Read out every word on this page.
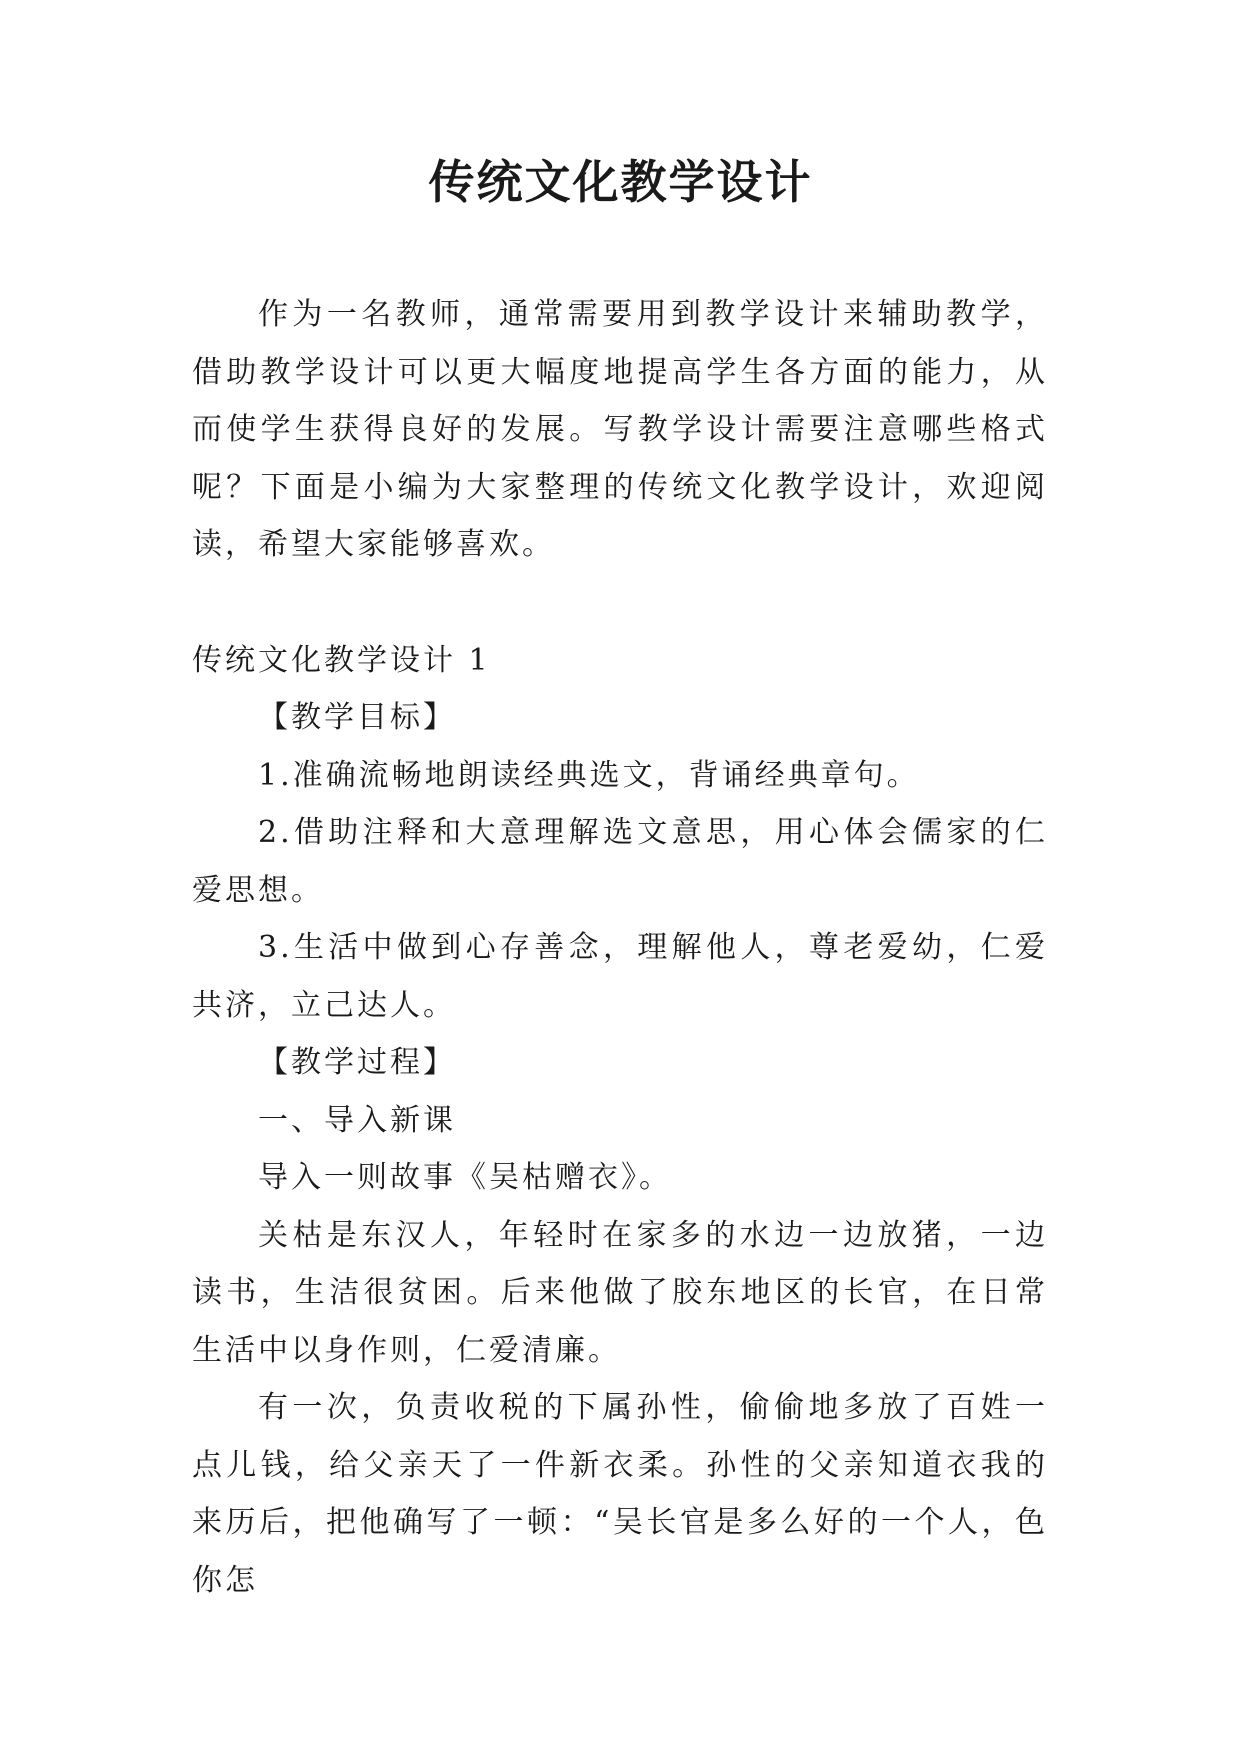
传统文化教学设计

作为一名教师，通常需要用到教学设计来辅助教学，借助教学设计可以更大幅度地提高学生各方面的能力，从而使学生获得良好的发展。写教学设计需要注意哪些格式呢？下面是小编为大家整理的传统文化教学设计，欢迎阅读，希望大家能够喜欢。

传统文化教学设计 1

【教学目标】

1.准确流畅地朗读经典选文，背诵经典章句。

2.借助注释和大意理解选文意思，用心体会儒家的仁爱思想。

3.生活中做到心存善念，理解他人，尊老爱幼，仁爱共济，立己达人。

【教学过程】

一、导入新课

导入一则故事《吴枯赠衣》。

关枯是东汉人，年轻时在家多的水边一边放猪，一边读书，生洁很贫困。后来他做了胶东地区的长官，在日常生活中以身作则，仁爱清廉。

有一次，负责收税的下属孙性，偷偷地多放了百姓一点儿钱，给父亲天了一件新衣柔。孙性的父亲知道衣我的来历后，把他确写了一顿：“吴长官是多么好的一个人，色你怎
